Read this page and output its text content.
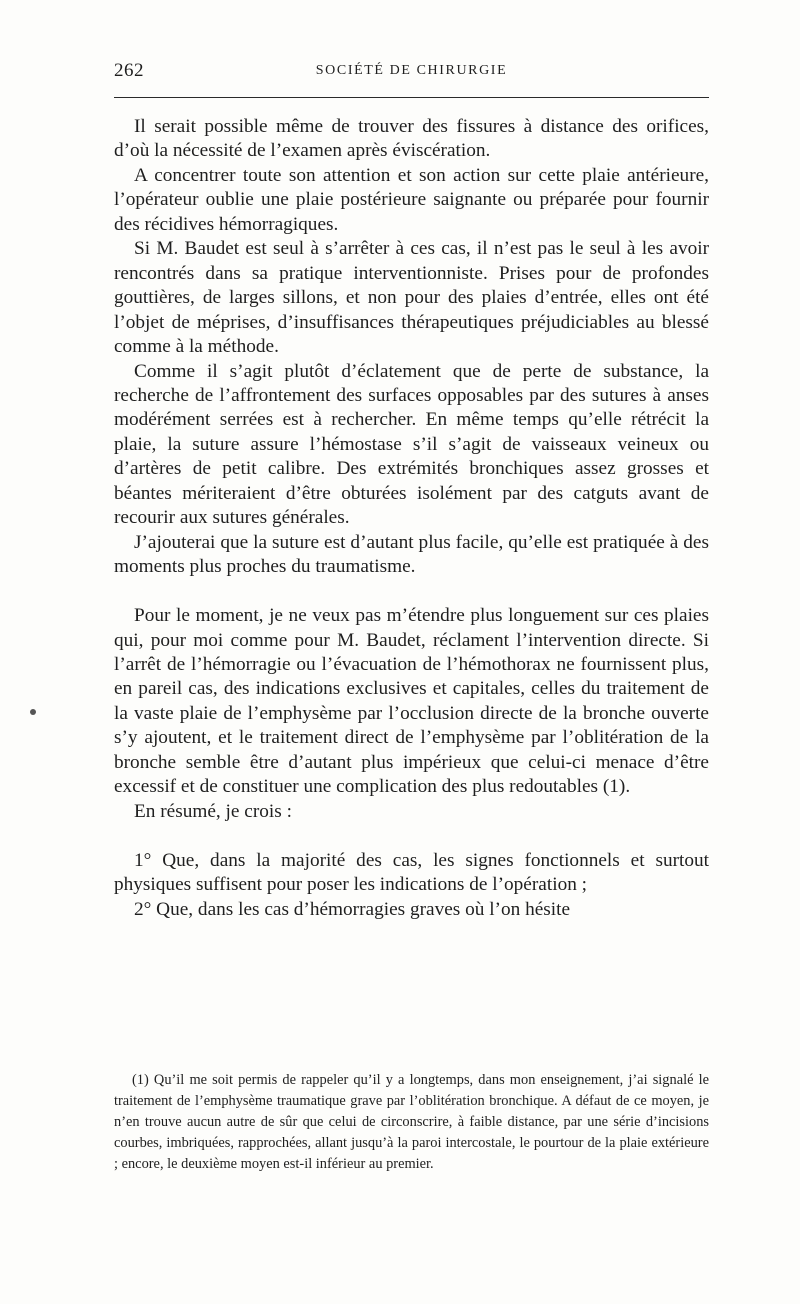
262	SOCIÉTÉ DE CHIRURGIE

Il serait possible même de trouver des fissures à distance des orifices, d’où la nécessité de l’examen après éviscération.

A concentrer toute son attention et son action sur cette plaie antérieure, l’opérateur oublie une plaie postérieure saignante ou préparée pour fournir des récidives hémorragiques.

Si M. Baudet est seul à s’arrêter à ces cas, il n’est pas le seul à les avoir rencontrés dans sa pratique interventionniste. Prises pour de profondes gouttières, de larges sillons, et non pour des plaies d’entrée, elles ont été l’objet de méprises, d’insuffisances thérapeutiques préjudiciables au blessé comme à la méthode.

Comme il s’agit plutôt d’éclatement que de perte de substance, la recherche de l’affrontement des surfaces opposables par des sutures à anses modérément serrées est à rechercher. En même temps qu’elle rétrécit la plaie, la suture assure l’hémostase s’il s’agit de vaisseaux veineux ou d’artères de petit calibre. Des extrémités bronchiques assez grosses et béantes mériteraient d’être obturées isolément par des catguts avant de recourir aux sutures générales.

J’ajouterai que la suture est d’autant plus facile, qu’elle est pratiquée à des moments plus proches du traumatisme.

Pour le moment, je ne veux pas m’étendre plus longuement sur ces plaies qui, pour moi comme pour M. Baudet, réclament l’intervention directe. Si l’arrêt de l’hémorragie ou l’évacuation de l’hémothorax ne fournissent plus, en pareil cas, des indications exclusives et capitales, celles du traitement de la vaste plaie de l’emphysème par l’occlusion directe de la bronche ouverte s’y ajoutent, et le traitement direct de l’emphysème par l’oblitération de la bronche semble être d’autant plus impérieux que celui-ci menace d’être excessif et de constituer une complication des plus redoutables (1).

En résumé, je crois :

1° Que, dans la majorité des cas, les signes fonctionnels et surtout physiques suffisent pour poser les indications de l’opération ;

2° Que, dans les cas d’hémorragies graves où l’on hésite

(1) Qu’il me soit permis de rappeler qu’il y a longtemps, dans mon enseignement, j’ai signalé le traitement de l’emphysème traumatique grave par l’oblitération bronchique. A défaut de ce moyen, je n’en trouve aucun autre de sûr que celui de circonscrire, à faible distance, par une série d’incisions courbes, imbriquées, rapprochées, allant jusqu’à la paroi intercostale, le pourtour de la plaie extérieure ; encore, le deuxième moyen est-il inférieur au premier.
